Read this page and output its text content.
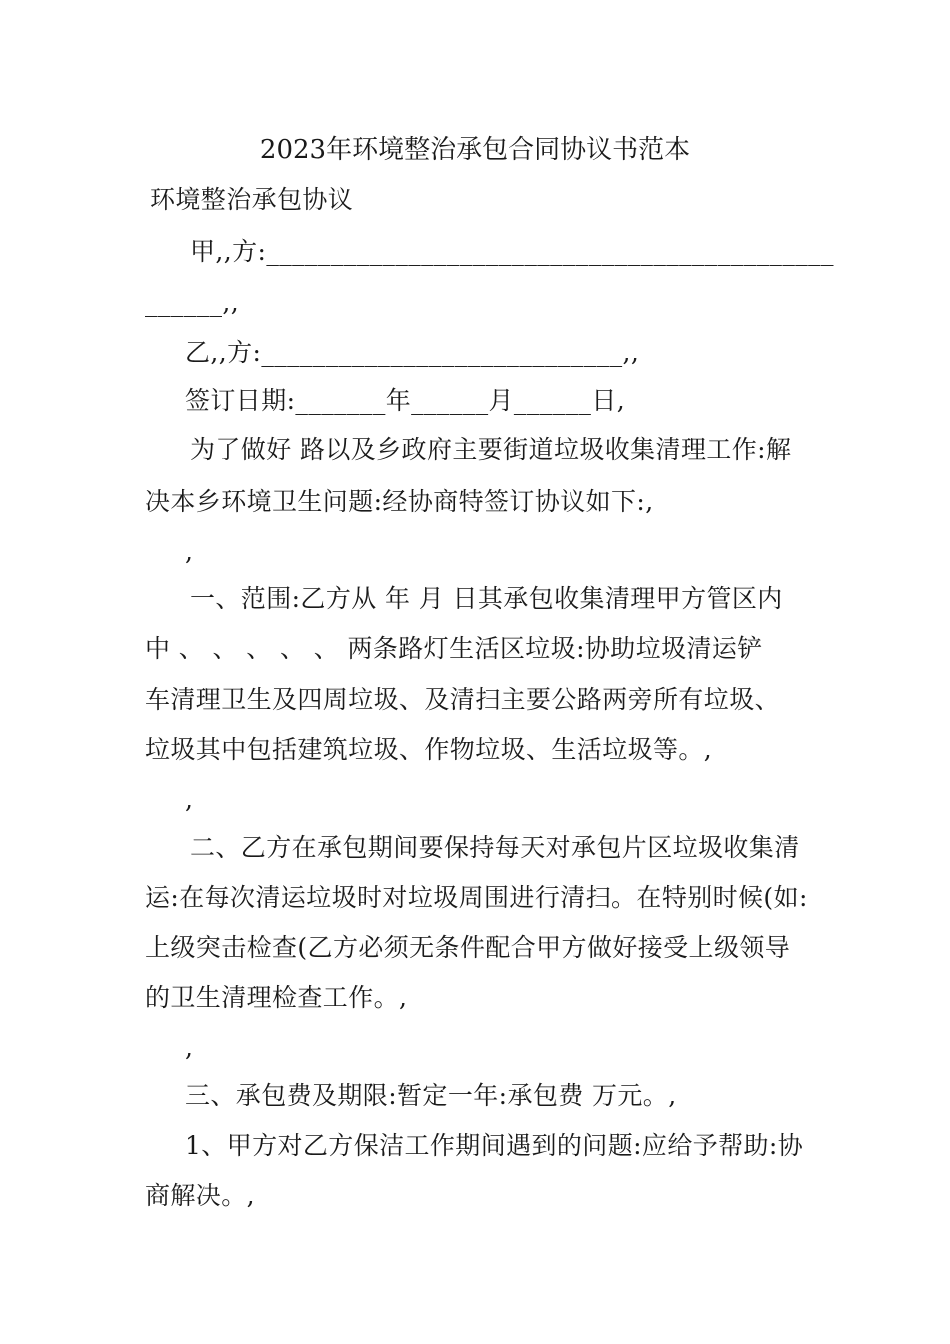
2023年环境整治承包合同协议书范本
环境整治承包协议
甲,,方:____________________________________________
______,,
乙,,方:____________________________,,
签订日期:_______年______月______日,
为了做好 路以及乡政府主要街道垃圾收集清理工作:解
决本乡环境卫生问题:经协商特签订协议如下:,
,
一、范围:乙方从 年 月 日其承包收集清理甲方管区内
中 、 、 、 、 、 两条路灯生活区垃圾:协助垃圾清运铲
车清理卫生及四周垃圾、及清扫主要公路两旁所有垃圾、
垃圾其中包括建筑垃圾、作物垃圾、生活垃圾等。,
,
二、乙方在承包期间要保持每天对承包片区垃圾收集清
运:在每次清运垃圾时对垃圾周围进行清扫。在特别时候(如:
上级突击检查(乙方必须无条件配合甲方做好接受上级领导
的卫生清理检查工作。,
,
三、承包费及期限:暂定一年:承包费 万元。,
1、甲方对乙方保洁工作期间遇到的问题:应给予帮助:协
商解决。,
